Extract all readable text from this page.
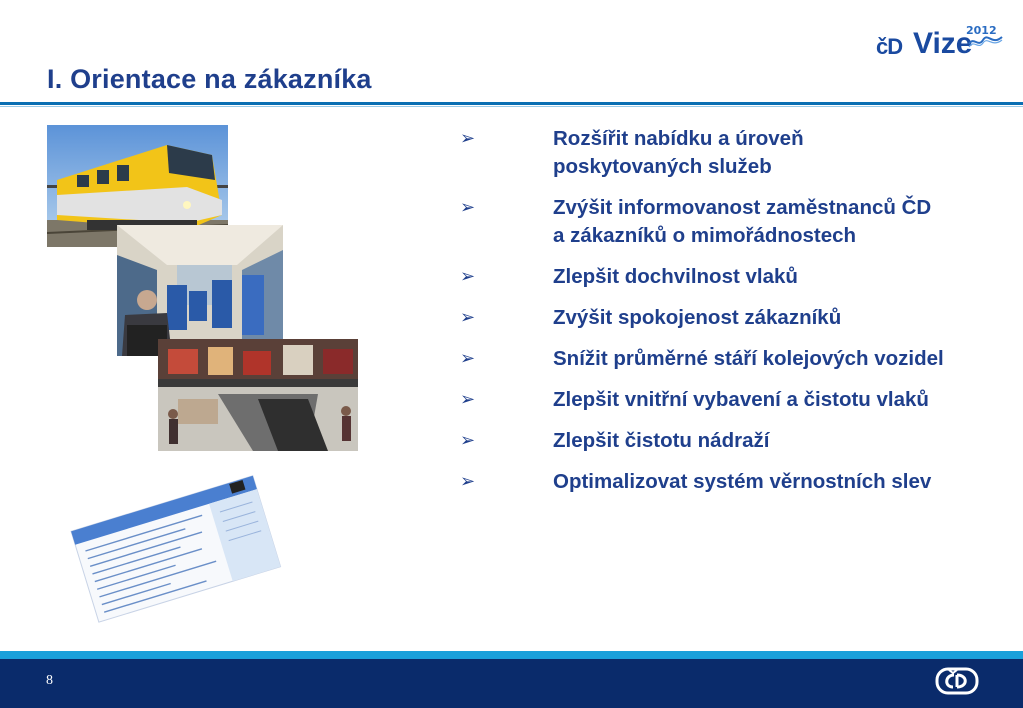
čD Vize
2012
I. Orientace na zákazníka
➢	Rozšířit nabídku a úroveň poskytovaných služeb
➢	Zvýšit informovanost zaměstnanců ČD a zákazníků o mimořádnostech
➢	Zlepšit dochvilnost vlaků
➢	Zvýšit spokojenost zákazníků
➢	Snížit průměrné stáří kolejových vozidel
➢	Zlepšit vnitřní vybavení a čistotu vlaků
➢	Zlepšit čistotu nádraží
➢	Optimalizovat systém věrnostních slev
8
